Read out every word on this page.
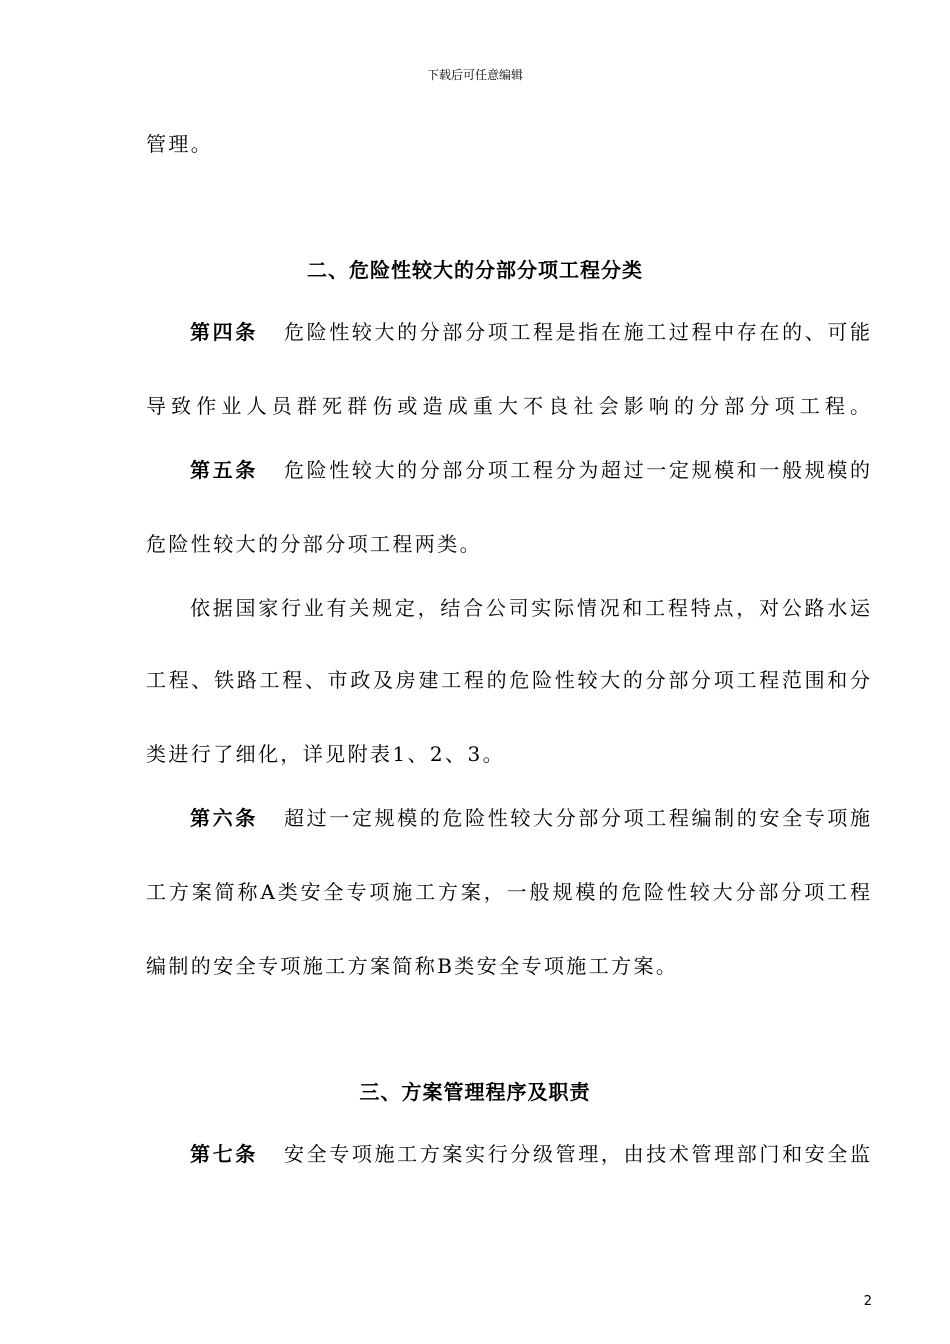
下载后可任意编辑
管理。
二、危险性较大的分部分项工程分类
第四条 危险性较大的分部分项工程是指在施工过程中存在的、可能
导致作业人员群死群伤或造成重大不良社会影响的分部分项工程。
第五条 危险性较大的分部分项工程分为超过一定规模和一般规模的
危险性较大的分部分项工程两类。
依据国家行业有关规定，结合公司实际情况和工程特点，对公路水运
工程、铁路工程、市政及房建工程的危险性较大的分部分项工程范围和分
类进行了细化，详见附表1、2、3。
第六条 超过一定规模的危险性较大分部分项工程编制的安全专项施
工方案简称A类安全专项施工方案，一般规模的危险性较大分部分项工程
编制的安全专项施工方案简称B类安全专项施工方案。
三、方案管理程序及职责
第七条 安全专项施工方案实行分级管理，由技术管理部门和安全监
2
